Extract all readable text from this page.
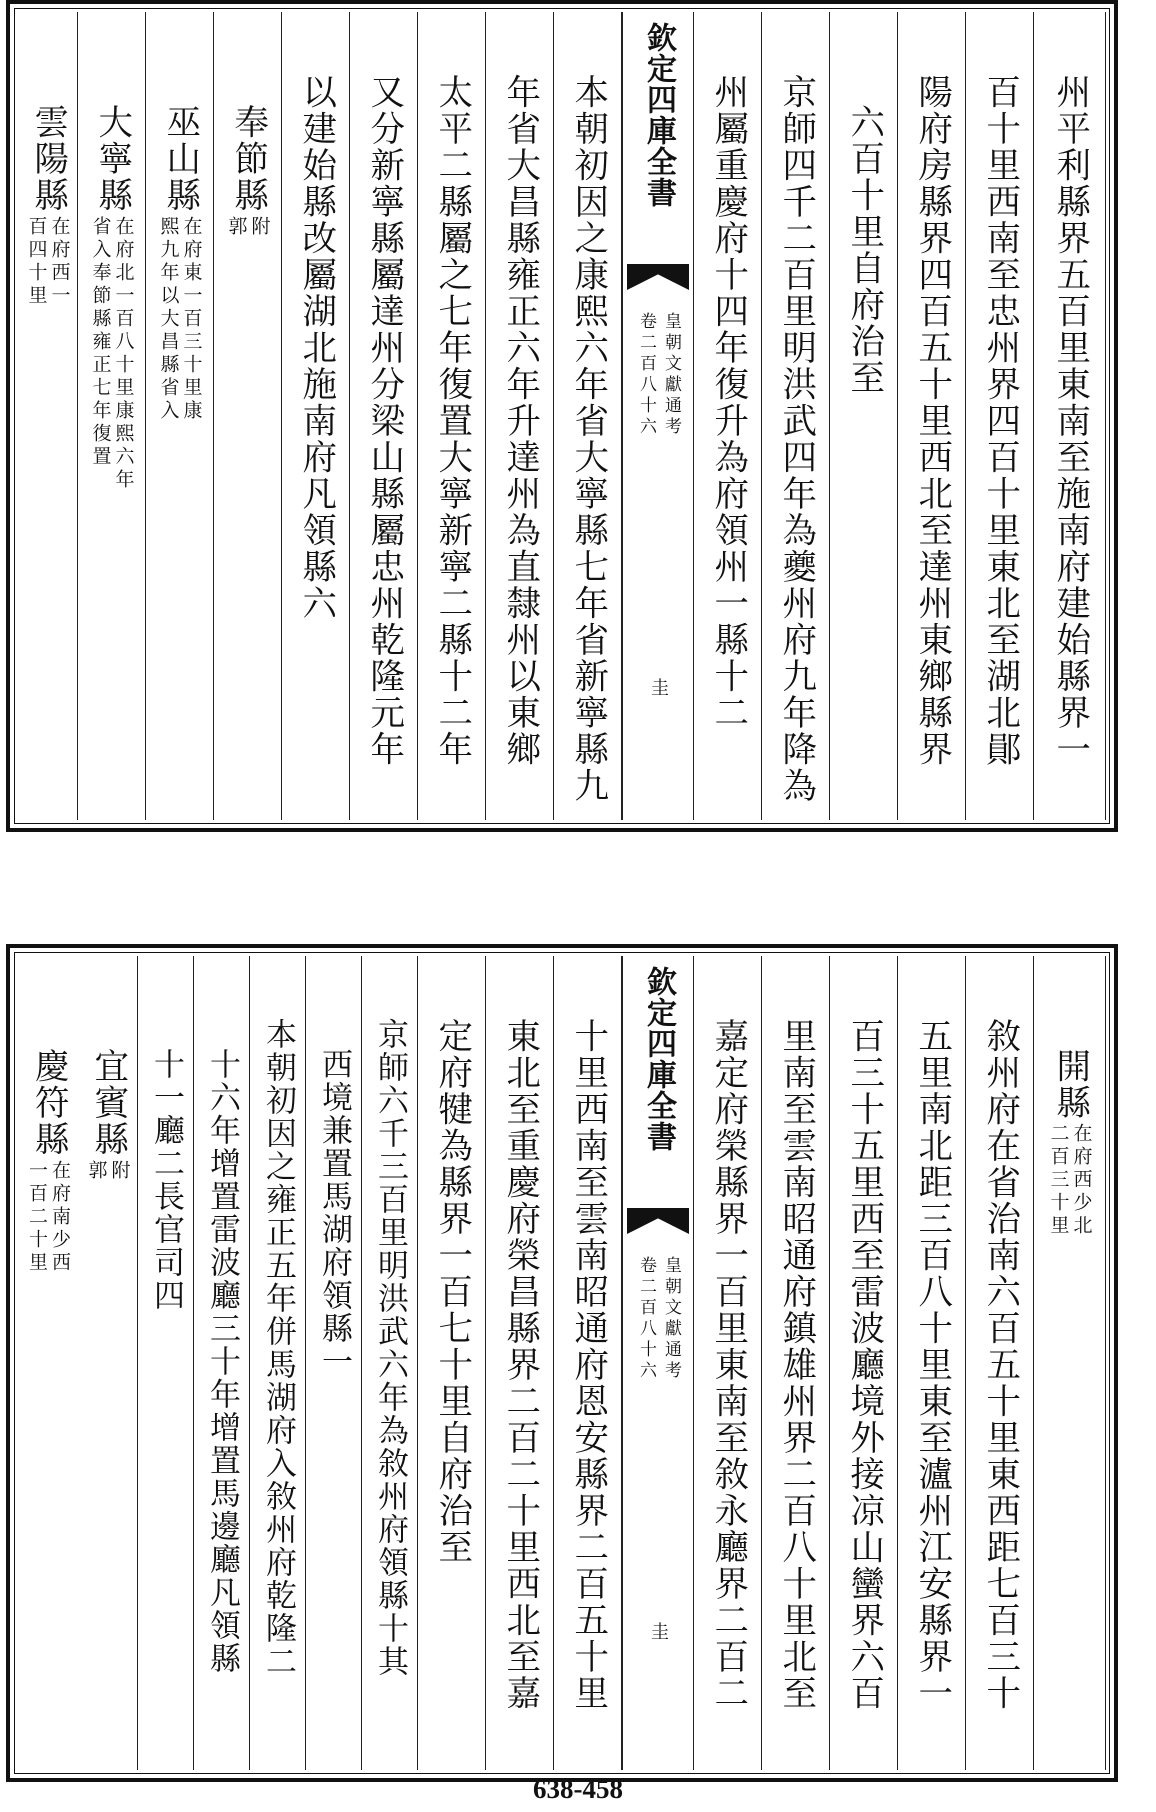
州平利縣界五百里東南至施南府建始縣界一
百十里西南至忠州界四百十里東北至湖北鄖
陽府房縣界四百五十里西北至達州東鄉縣界
六百十里自府治至
京師四千二百里明洪武四年為夔州府九年降為
州屬重慶府十四年復升為府領州一縣十二
欽定四庫全書
皇朝文獻通考
卷二百八十六
圭
本朝初因之康熙六年省大寧縣七年省新寧縣九
年省大昌縣雍正六年升達州為直隸州以東鄉
太平二縣屬之七年復置大寧新寧二縣十二年
又分新寧縣屬達州分梁山縣屬忠州乾隆元年
以建始縣改屬湖北施南府凡領縣六
奉節縣
附
郭
巫山縣
在府東一百三十里康
熙九年以大昌縣省入
大寧縣
在府北一百八十里康熙六年
省入奉節縣雍正七年復置
雲陽縣
在府西一
百四十里
開縣
在府西少北
二百三十里
敘州府在省治南六百五十里東西距七百三十
五里南北距三百八十里東至瀘州江安縣界一
百三十五里西至雷波廳境外接凉山蠻界六百
里南至雲南昭通府鎮雄州界二百八十里北至
嘉定府榮縣界一百里東南至敘永廳界二百二
欽定四庫全書
皇朝文獻通考
卷二百八十六
圭
十里西南至雲南昭通府恩安縣界二百五十里
東北至重慶府榮昌縣界二百二十里西北至嘉
定府犍為縣界一百七十里自府治至
京師六千三百里明洪武六年為敘州府領縣十其
西境兼置馬湖府領縣一
本朝初因之雍正五年併馬湖府入敘州府乾隆二
十六年增置雷波廳三十年增置馬邊廳凡領縣
十一廳二長官司四
宜賓縣
附
郭
慶符縣
在府南少西
一百二十里
638-458
